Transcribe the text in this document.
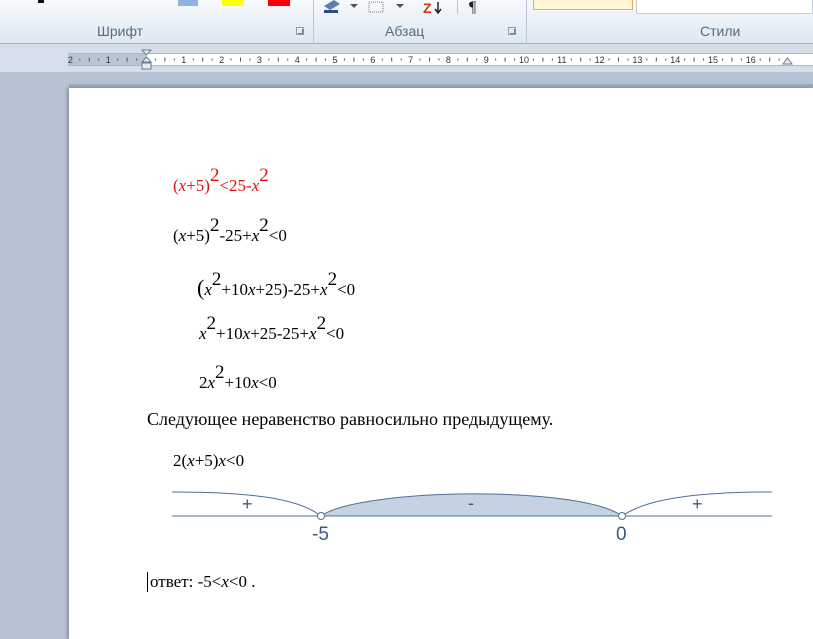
Шрифт
Z ¶
Абзац	Стили
2	1	1	2	3	4	5	6	7	8	9	10	11	12	13	14	15	16
$(x+5)^2<25-x^2$
$(x+5)^2-25+x^2<0$
$(x^2+10x+25)-25+x^2<0$
$x^2+10x+25-25+x^2<0$
$2x^2+10x<0$
Следующее неравенство равносильно предыдущему.
2(x+5)x<0
+	-	+
-5	0
ответ: -5<x<0 .
